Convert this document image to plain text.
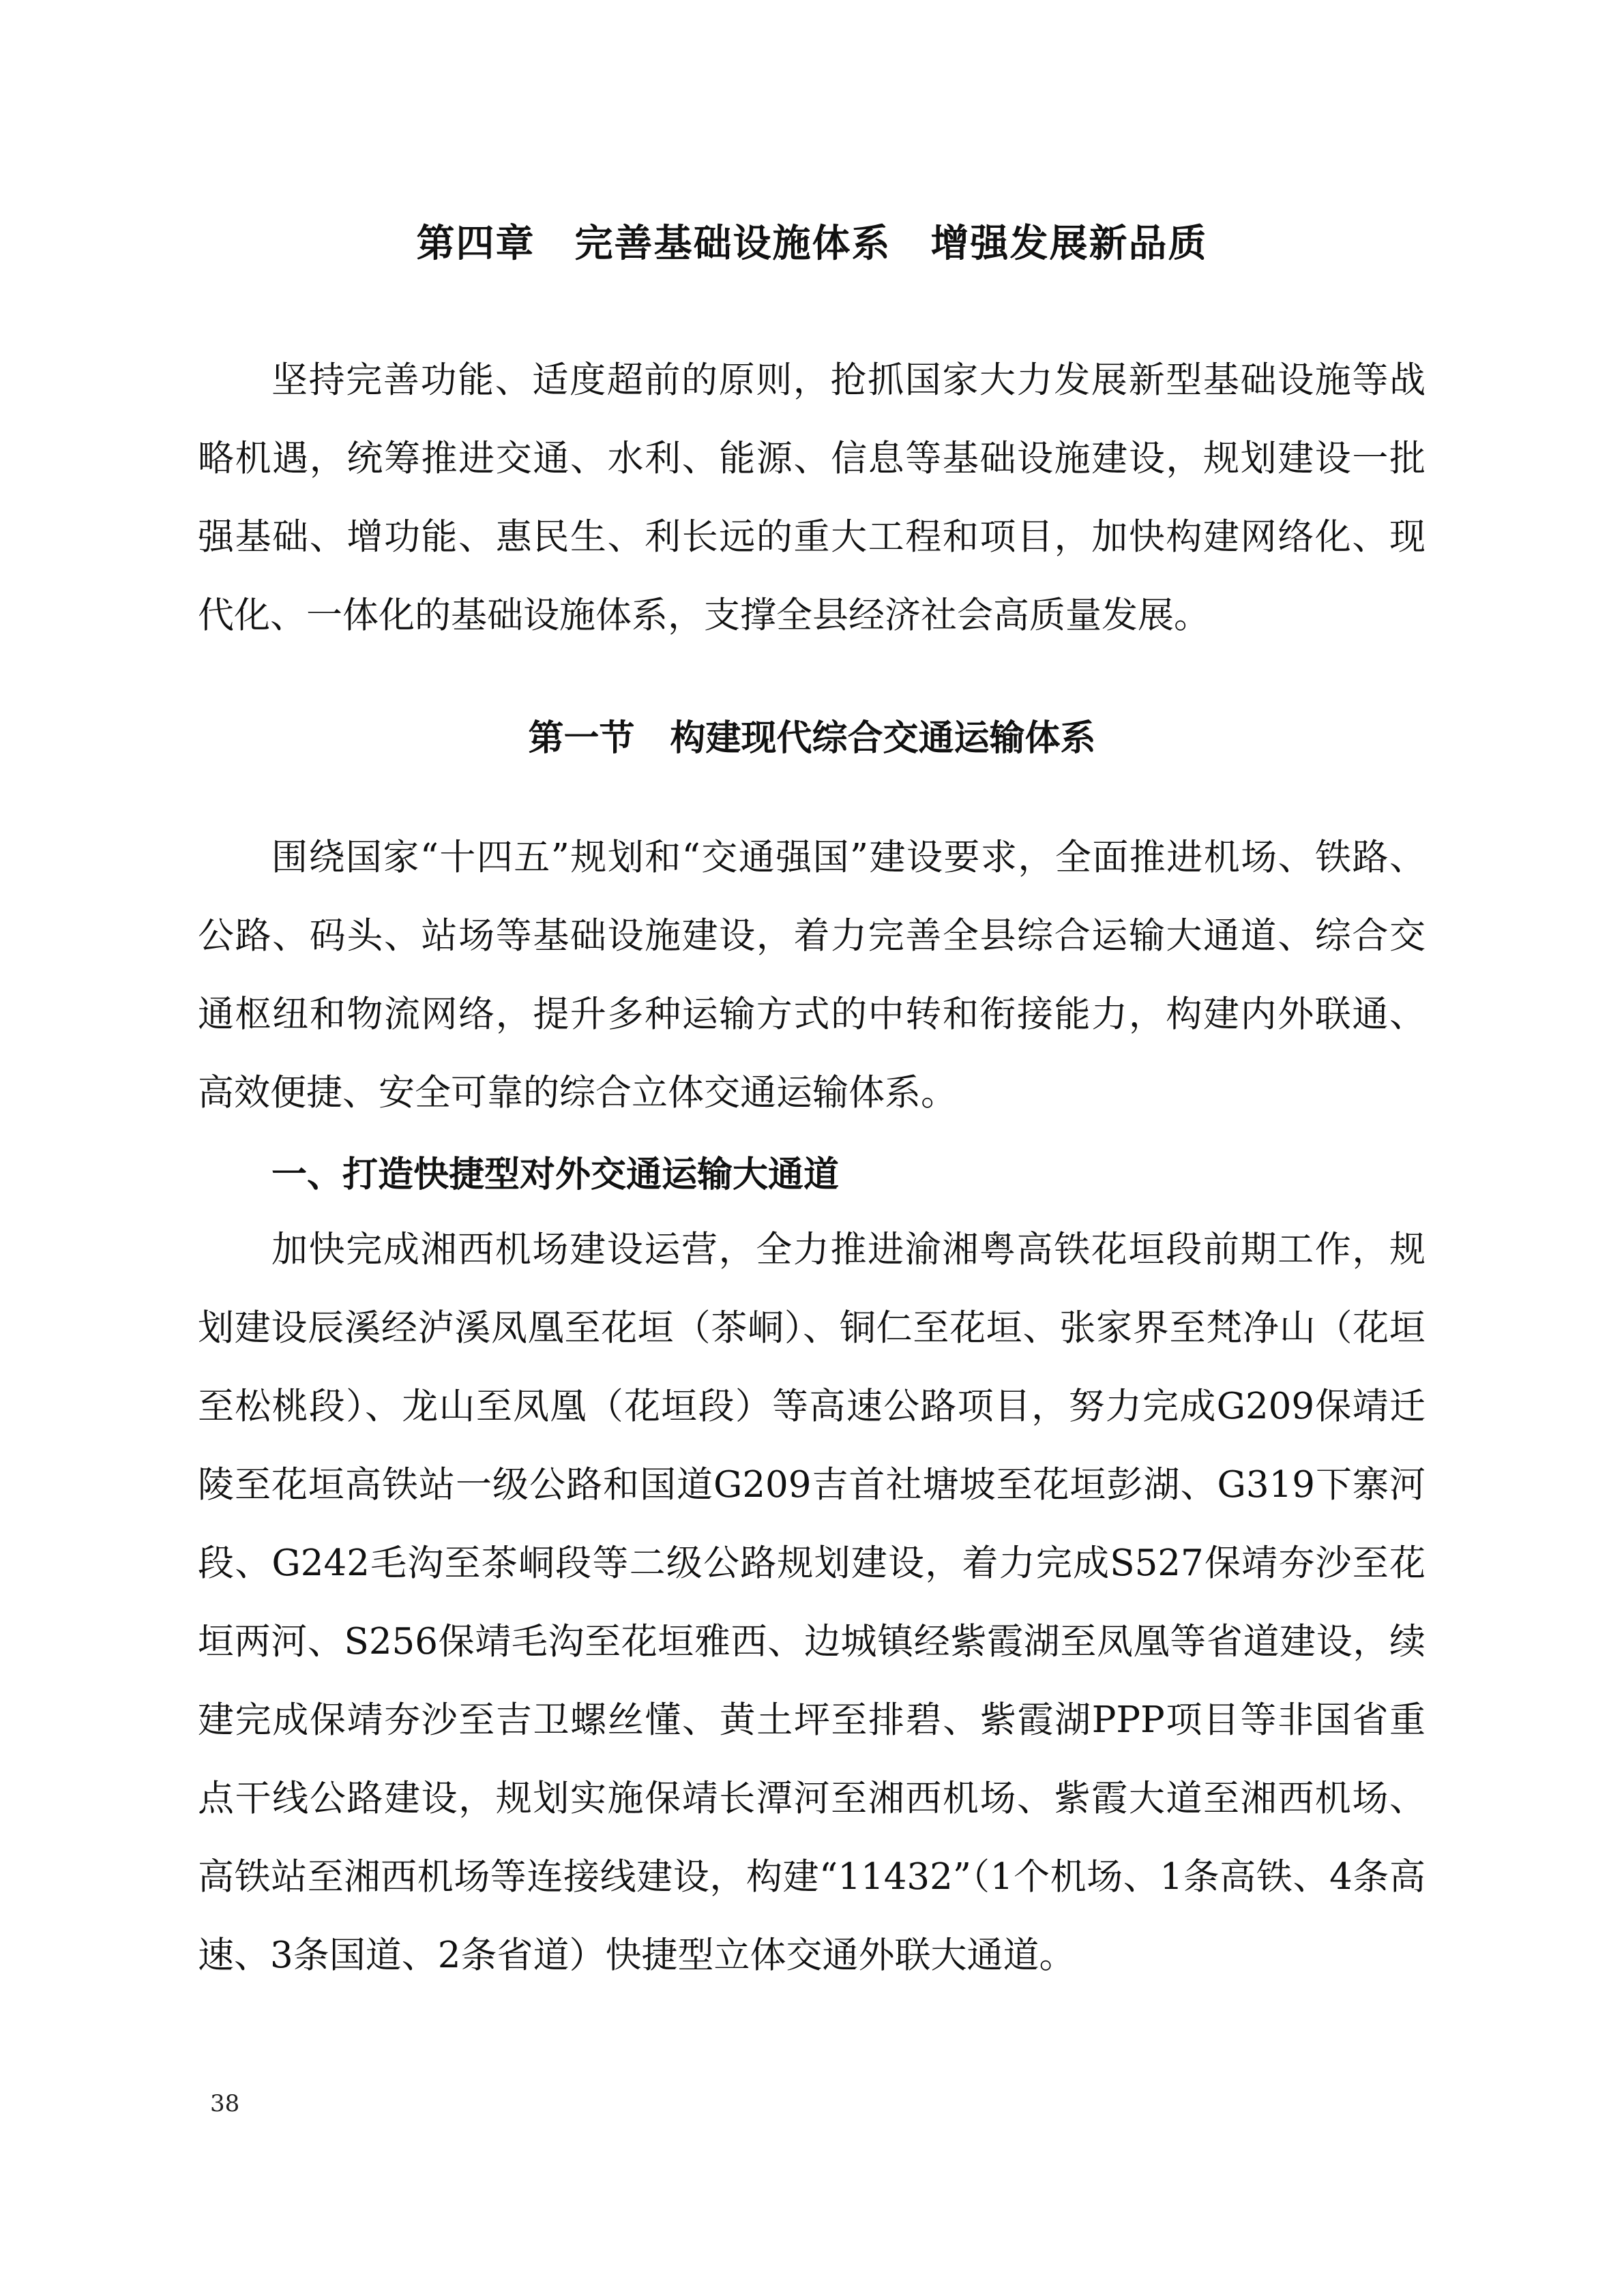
第四章　完善基础设施体系　增强发展新品质

坚持完善功能、适度超前的原则，抢抓国家大力发展新型基础设施等战略机遇，统筹推进交通、水利、能源、信息等基础设施建设，规划建设一批强基础、增功能、惠民生、利长远的重大工程和项目，加快构建网络化、现代化、一体化的基础设施体系，支撑全县经济社会高质量发展。

第一节　构建现代综合交通运输体系

围绕国家“十四五”规划和“交通强国”建设要求，全面推进机场、铁路、公路、码头、站场等基础设施建设，着力完善全县综合运输大通道、综合交通枢纽和物流网络，提升多种运输方式的中转和衔接能力，构建内外联通、高效便捷、安全可靠的综合立体交通运输体系。

一、打造快捷型对外交通运输大通道

加快完成湘西机场建设运营，全力推进渝湘粤高铁花垣段前期工作，规划建设辰溪经泸溪凤凰至花垣（茶峒）、铜仁至花垣、张家界至梵净山（花垣至松桃段）、龙山至凤凰（花垣段）等高速公路项目，努力完成G209保靖迁陵至花垣高铁站一级公路和国道G209吉首社塘坡至花垣彭湖、G319下寨河段、G242毛沟至茶峒段等二级公路规划建设，着力完成S527保靖夯沙至花垣两河、S256保靖毛沟至花垣雅西、边城镇经紫霞湖至凤凰等省道建设，续建完成保靖夯沙至吉卫螺丝懂、黄土坪至排碧、紫霞湖PPP项目等非国省重点干线公路建设，规划实施保靖长潭河至湘西机场、紫霞大道至湘西机场、高铁站至湘西机场等连接线建设，构建“11432”（1个机场、1条高铁、4条高速、3条国道、2条省道）快捷型立体交通外联大通道。

38
